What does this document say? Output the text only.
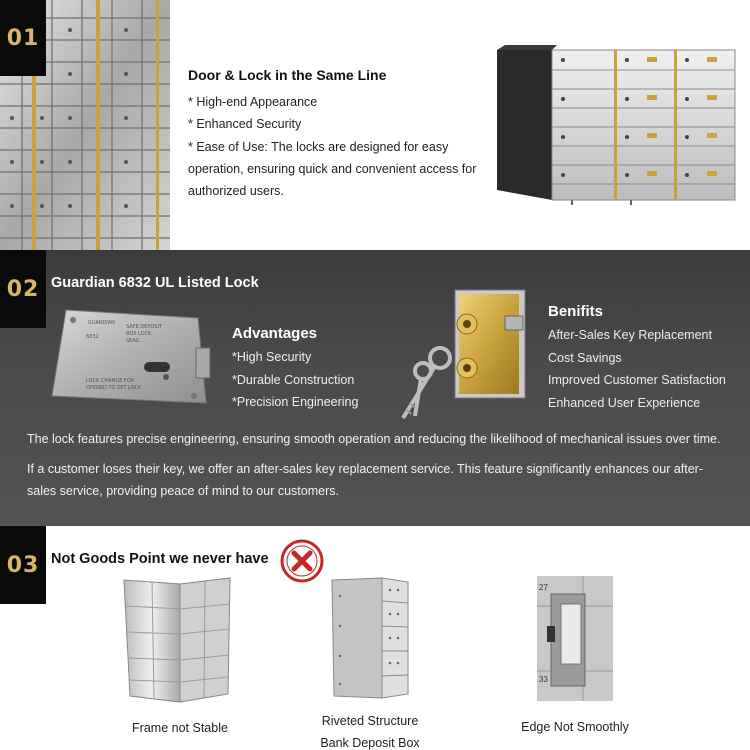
01
Door & Lock in the Same Line
* High-end Appearance
* Enhanced Security
* Ease of Use: The locks are designed for easy operation, ensuring quick and convenient access for authorized users.
02 Guardian 6832 UL Listed Lock
GUARDIAN
6832
SAFE DEPOSIT
BOX LOCK
SEAG
LOCK CHANGE FOR
OPENED TO SET LOCK
Advantages
*High Security
*Durable Construction
*Precision Engineering
Benifits
After-Sales Key Replacement
Cost Savings
Improved Customer Satisfaction
Enhanced User Experience
The lock features precise engineering, ensuring smooth operation and reducing the likelihood of mechanical issues over time.
If a customer loses their key, we offer an after-sales key replacement service. This feature significantly enhances our after-sales service, providing peace of mind to our customers.
03 Not Goods Point we never have
Frame not Stable	Riveted Structure
Bank Deposit Box
27
33
Edge Not Smoothly
